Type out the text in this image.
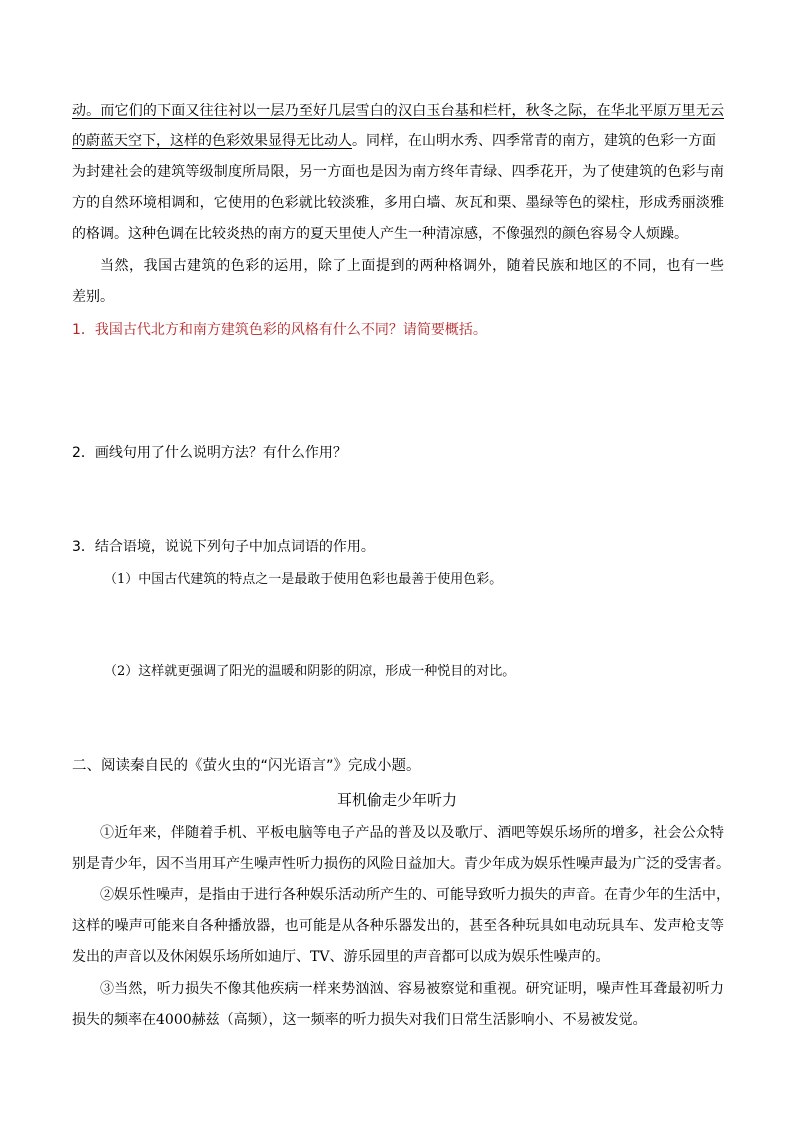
动。而它们的下面又往往衬以一层乃至好几层雪白的汉白玉台基和栏杆，秋冬之际，在华北平原万里无云
的蔚蓝天空下，这样的色彩效果显得无比动人。同样，在山明水秀、四季常青的南方，建筑的色彩一方面
为封建社会的建筑等级制度所局限，另一方面也是因为南方终年青绿、四季花开，为了使建筑的色彩与南
方的自然环境相调和，它使用的色彩就比较淡雅，多用白墙、灰瓦和栗、墨绿等色的梁柱，形成秀丽淡雅
的格调。这种色调在比较炎热的南方的夏天里使人产生一种清凉感，不像强烈的颜色容易令人烦躁。
当然，我国古建筑的色彩的运用，除了上面提到的两种格调外，随着民族和地区的不同，也有一些
差别。
1．我国古代北方和南方建筑色彩的风格有什么不同？请简要概括。
2．画线句用了什么说明方法？有什么作用？
3．结合语境，说说下列句子中加点词语的作用。
（1）中国古代建筑的特点之一是最敢于使用色彩也最善于使用色彩。
（2）这样就更强调了阳光的温暖和阴影的阴凉，形成一种悦目的对比。
二、阅读秦自民的《萤火虫的“闪光语言”》完成小题。
耳机偷走少年听力
①近年来，伴随着手机、平板电脑等电子产品的普及以及歌厅、酒吧等娱乐场所的增多，社会公众特
别是青少年，因不当用耳产生噪声性听力损伤的风险日益加大。青少年成为娱乐性噪声最为广泛的受害者。
②娱乐性噪声，是指由于进行各种娱乐活动所产生的、可能导致听力损失的声音。在青少年的生活中，
这样的噪声可能来自各种播放器，也可能是从各种乐器发出的，甚至各种玩具如电动玩具车、发声枪支等
发出的声音以及休闲娱乐场所如迪厅、TV、游乐园里的声音都可以成为娱乐性噪声的。
③当然，听力损失不像其他疾病一样来势汹汹、容易被察觉和重视。研究证明，噪声性耳聋最初听力
损失的频率在4000赫兹（高频），这一频率的听力损失对我们日常生活影响小、不易被发觉。
